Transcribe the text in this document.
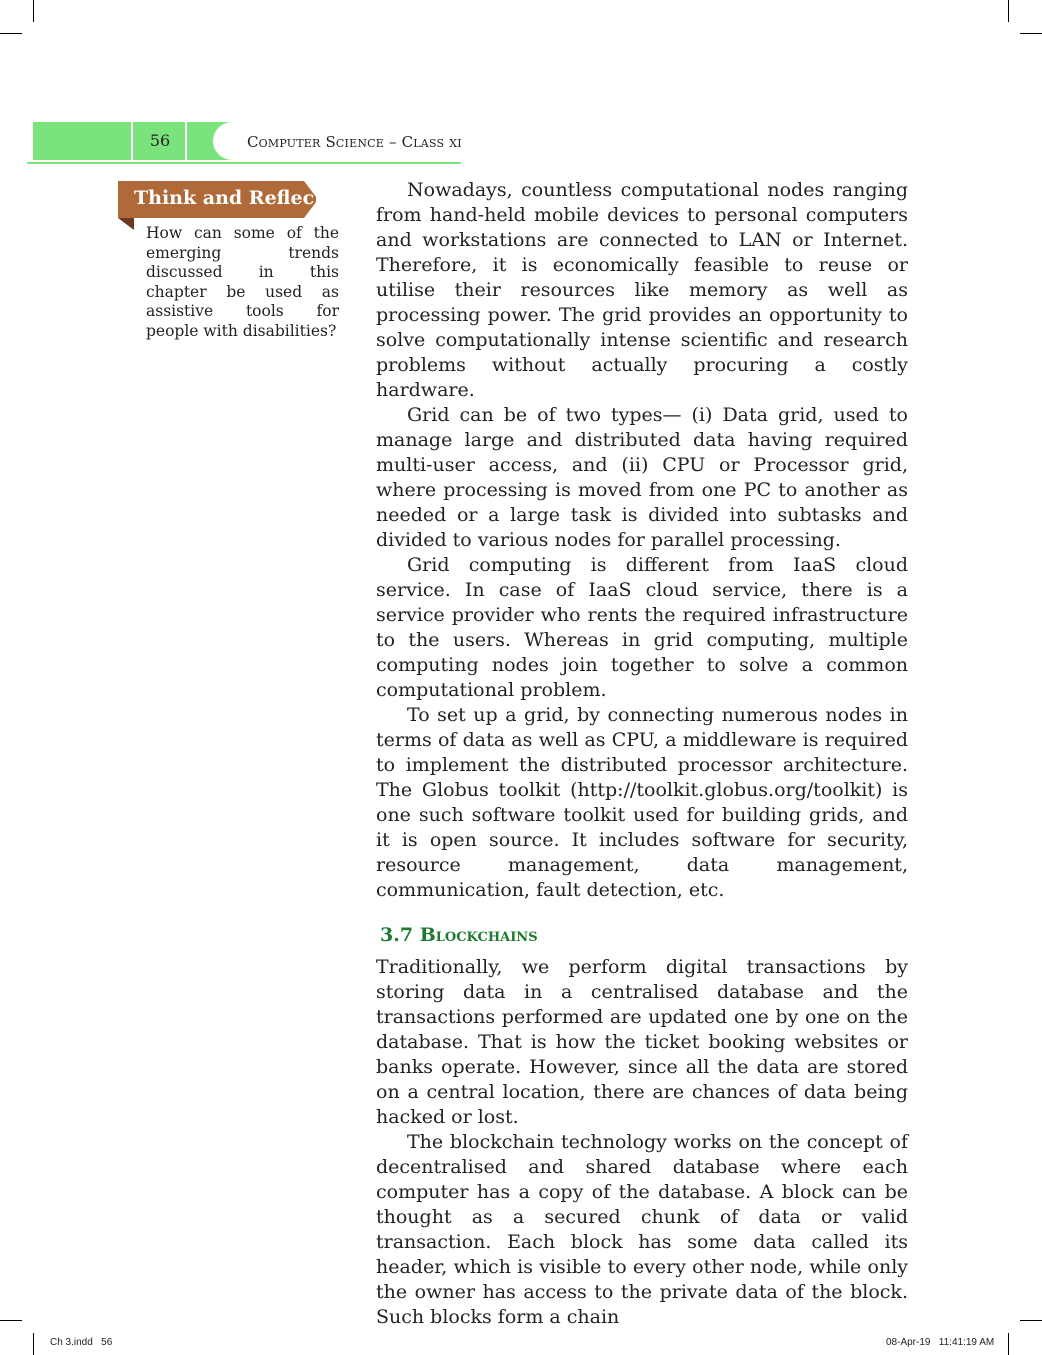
56	Computer Science – Class xi
Think and Reflect
How can some of the emerging trends discussed in this chapter be used as assistive tools for people with disabilities?

Nowadays, countless computational nodes ranging from hand-held mobile devices to personal computers and workstations are connected to LAN or Internet. Therefore, it is economically feasible to reuse or utilise their resources like memory as well as processing power. The grid provides an opportunity to solve computationally intense scientific and research problems without actually procuring a costly hardware.

Grid can be of two types— (i) Data grid, used to manage large and distributed data having required multi-user access, and (ii) CPU or Processor grid, where processing is moved from one PC to another as needed or a large task is divided into subtasks and divided to various nodes for parallel processing.

Grid computing is different from IaaS cloud service. In case of IaaS cloud service, there is a service provider who rents the required infrastructure to the users. Whereas in grid computing, multiple computing nodes join together to solve a common computational problem.

To set up a grid, by connecting numerous nodes in terms of data as well as CPU, a middleware is required to implement the distributed processor architecture. The Globus toolkit (http://toolkit.globus.org/toolkit) is one such software toolkit used for building grids, and it is open source. It includes software for security, resource management, data management, communication, fault detection, etc.

3.7 Blockchains

Traditionally, we perform digital transactions by storing data in a centralised database and the transactions performed are updated one by one on the database. That is how the ticket booking websites or banks operate. However, since all the data are stored on a central location, there are chances of data being hacked or lost.

The blockchain technology works on the concept of decentralised and shared database where each computer has a copy of the database. A block can be thought as a secured chunk of data or valid transaction. Each block has some data called its header, which is visible to every other node, while only the owner has access to the private data of the block. Such blocks form a chain

Ch 3.indd   56	08-Apr-19   11:41:19 AM
